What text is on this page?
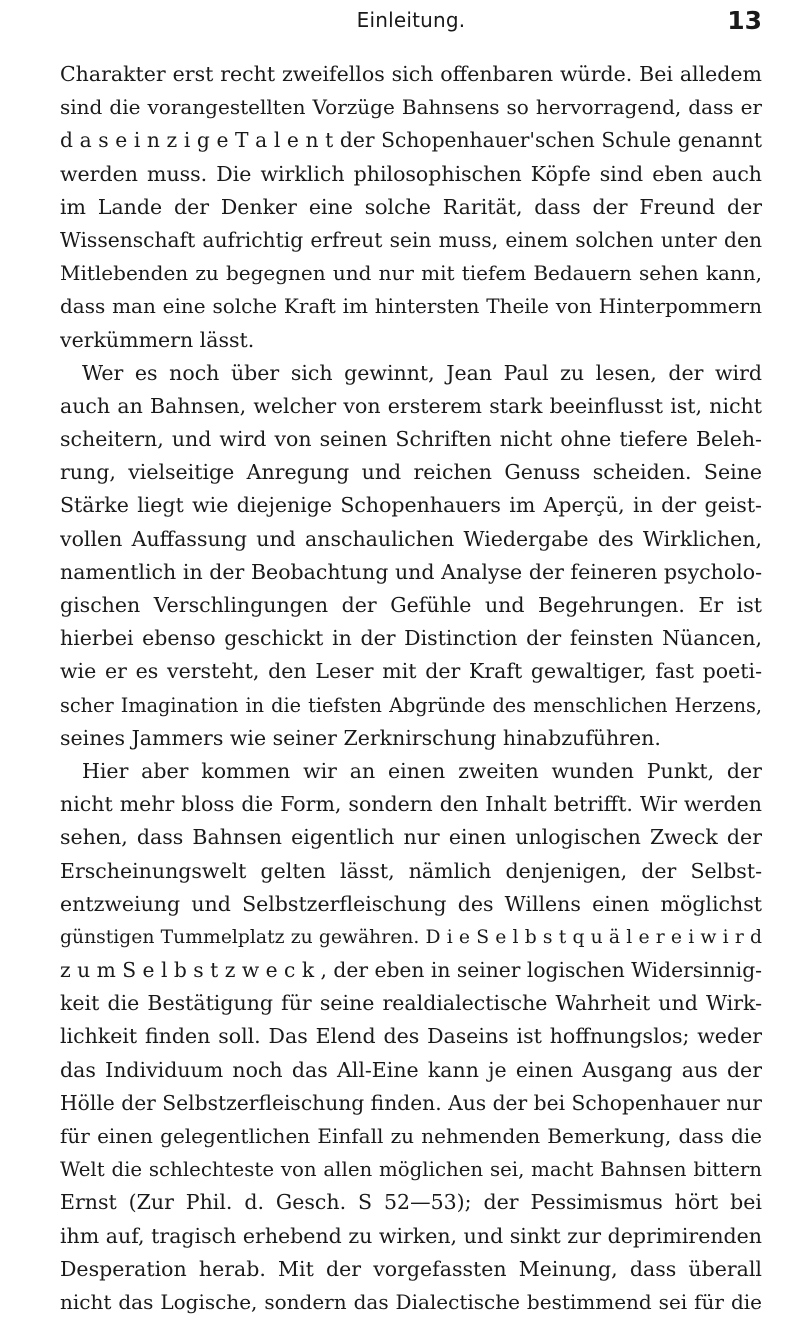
Einleitung.	13
Charakter erst recht zweifellos sich offenbaren würde. Bei alledem
sind die vorangestellten Vorzüge Bahnsens so hervorragend, dass er
d a s e i n z i g e T a l e n t der Schopenhauer'schen Schule genannt
werden muss. Die wirklich philosophischen Köpfe sind eben auch
im Lande der Denker eine solche Rarität, dass der Freund der
Wissenschaft aufrichtig erfreut sein muss, einem solchen unter den
Mitlebenden zu begegnen und nur mit tiefem Bedauern sehen kann,
dass man eine solche Kraft im hintersten Theile von Hinterpommern
verkümmern lässt.
Wer es noch über sich gewinnt, Jean Paul zu lesen, der wird
auch an Bahnsen, welcher von ersterem stark beeinflusst ist, nicht
scheitern, und wird von seinen Schriften nicht ohne tiefere Beleh-
rung, vielseitige Anregung und reichen Genuss scheiden. Seine
Stärke liegt wie diejenige Schopenhauers im Aperçü, in der geist-
vollen Auffassung und anschaulichen Wiedergabe des Wirklichen,
namentlich in der Beobachtung und Analyse der feineren psycholo-
gischen Verschlingungen der Gefühle und Begehrungen. Er ist
hierbei ebenso geschickt in der Distinction der feinsten Nüancen,
wie er es versteht, den Leser mit der Kraft gewaltiger, fast poeti-
scher Imagination in die tiefsten Abgründe des menschlichen Herzens,
seines Jammers wie seiner Zerknirschung hinabzuführen.
Hier aber kommen wir an einen zweiten wunden Punkt, der
nicht mehr bloss die Form, sondern den Inhalt betrifft. Wir werden
sehen, dass Bahnsen eigentlich nur einen unlogischen Zweck der
Erscheinungswelt gelten lässt, nämlich denjenigen, der Selbst-
entzweiung und Selbstzerfleischung des Willens einen möglichst
günstigen Tummelplatz zu gewähren. D i e S e l b s t q u ä l e r e i w i r d
z u m S e l b s t z w e c k , der eben in seiner logischen Widersinnig-
keit die Bestätigung für seine realdialectische Wahrheit und Wirk-
lichkeit finden soll. Das Elend des Daseins ist hoffnungslos; weder
das Individuum noch das All-Eine kann je einen Ausgang aus der
Hölle der Selbstzerfleischung finden. Aus der bei Schopenhauer nur
für einen gelegentlichen Einfall zu nehmenden Bemerkung, dass die
Welt die schlechteste von allen möglichen sei, macht Bahnsen bittern
Ernst (Zur Phil. d. Gesch. S 52—53); der Pessimismus hört bei
ihm auf, tragisch erhebend zu wirken, und sinkt zur deprimirenden
Desperation herab. Mit der vorgefassten Meinung, dass überall
nicht das Logische, sondern das Dialectische bestimmend sei für die
